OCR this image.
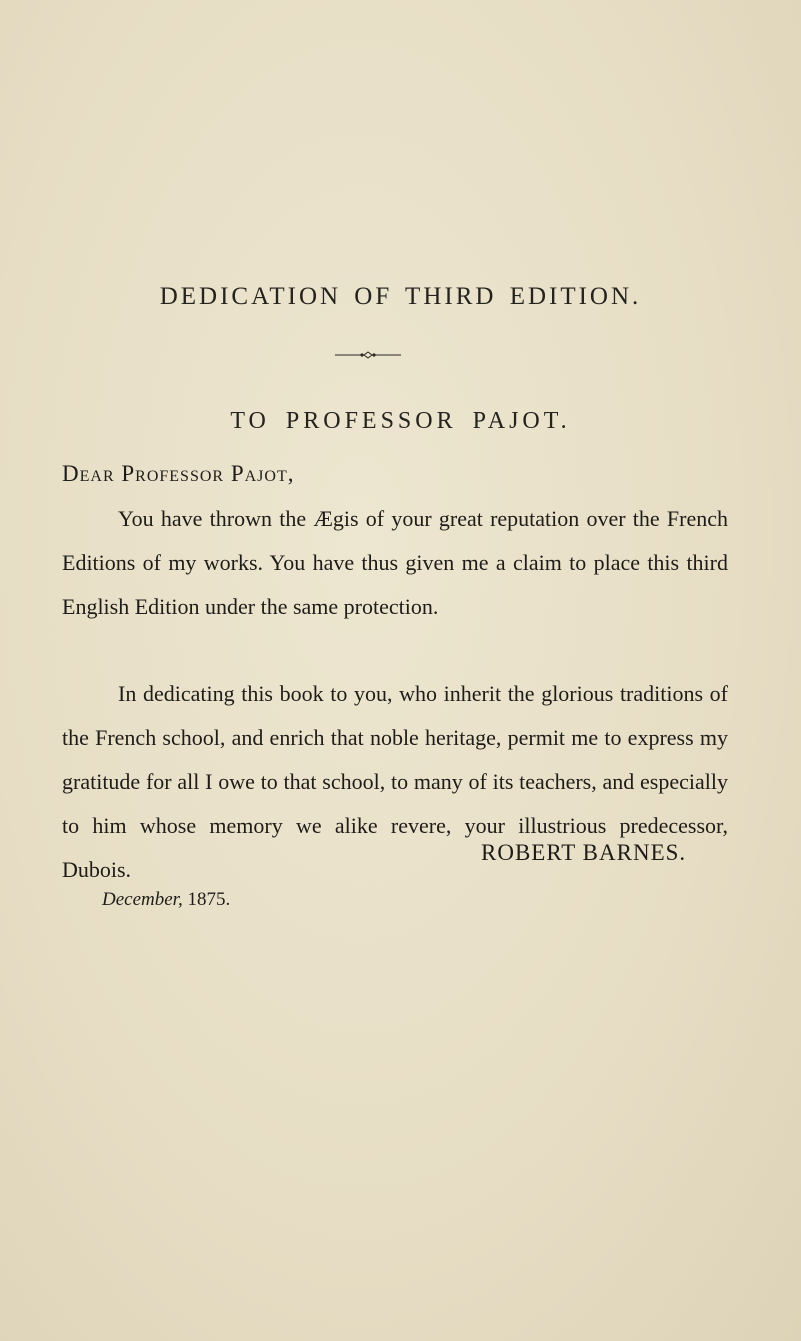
DEDICATION OF THIRD EDITION.
TO PROFESSOR PAJOT.
Dear Professor Pajot,

You have thrown the Ægis of your great reputation over the French Editions of my works. You have thus given me a claim to place this third English Edition under the same protection.

In dedicating this book to you, who inherit the glorious traditions of the French school, and enrich that noble heritage, permit me to express my gratitude for all I owe to that school, to many of its teachers, and especially to him whose memory we alike revere, your illustrious predecessor, Dubois.

ROBERT BARNES.
December, 1875.
